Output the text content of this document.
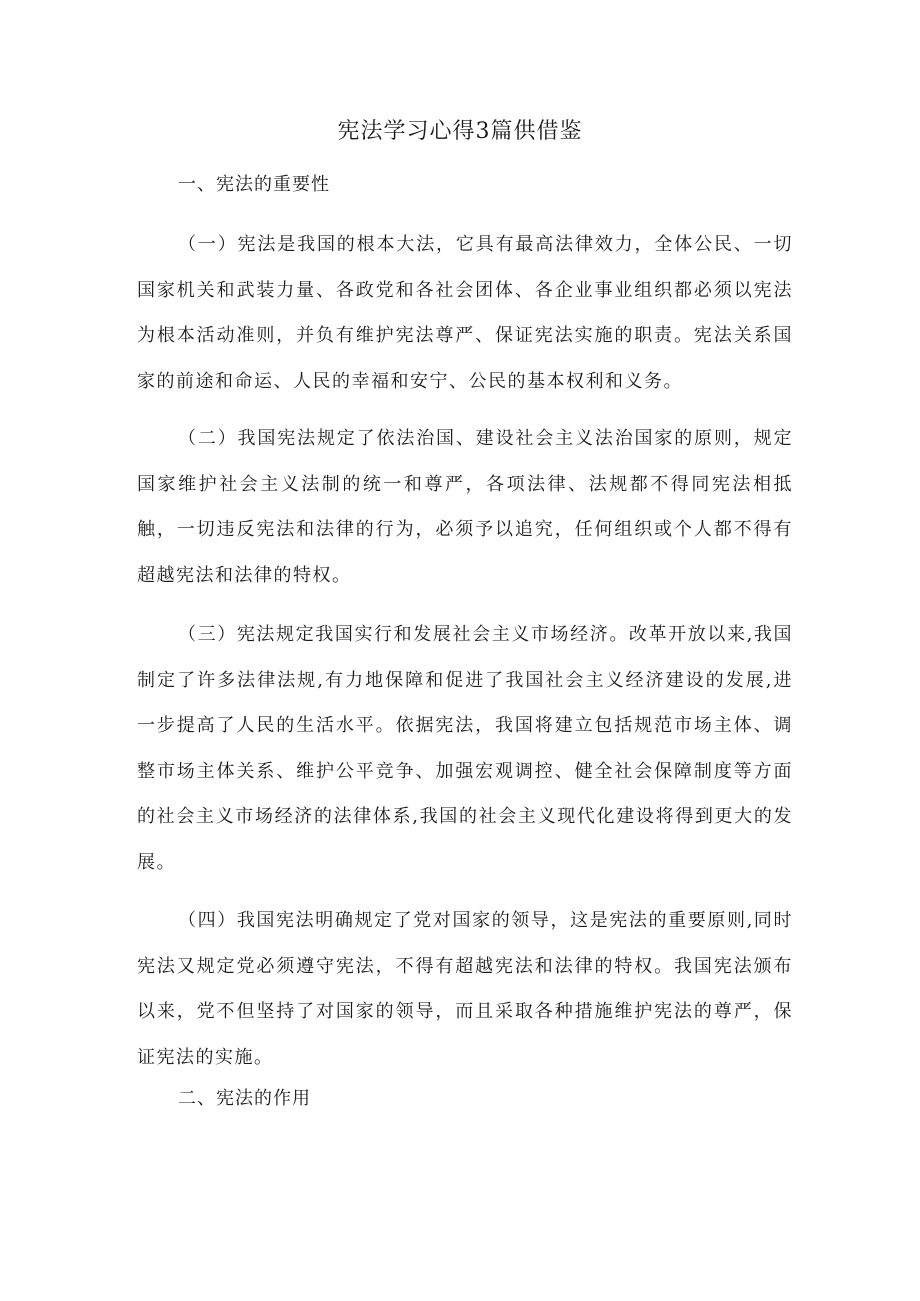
宪法学习心得3篇供借鉴
一、宪法的重要性

（一）宪法是我国的根本大法，它具有最高法律效力，全体公民、一切国家机关和武装力量、各政党和各社会团体、各企业事业组织都必须以宪法为根本活动准则，并负有维护宪法尊严、保证宪法实施的职责。宪法关系国家的前途和命运、人民的幸福和安宁、公民的基本权利和义务。

（二）我国宪法规定了依法治国、建设社会主义法治国家的原则，规定国家维护社会主义法制的统一和尊严，各项法律、法规都不得同宪法相抵触，一切违反宪法和法律的行为，必须予以追究，任何组织或个人都不得有超越宪法和法律的特权。

（三）宪法规定我国实行和发展社会主义市场经济。改革开放以来,我国制定了许多法律法规,有力地保障和促进了我国社会主义经济建设的发展,进一步提高了人民的生活水平。依据宪法，我国将建立包括规范市场主体、调整市场主体关系、维护公平竞争、加强宏观调控、健全社会保障制度等方面的社会主义市场经济的法律体系,我国的社会主义现代化建设将得到更大的发展。

（四）我国宪法明确规定了党对国家的领导，这是宪法的重要原则,同时宪法又规定党必须遵守宪法，不得有超越宪法和法律的特权。我国宪法颁布以来，党不但坚持了对国家的领导，而且采取各种措施维护宪法的尊严，保证宪法的实施。

二、宪法的作用
